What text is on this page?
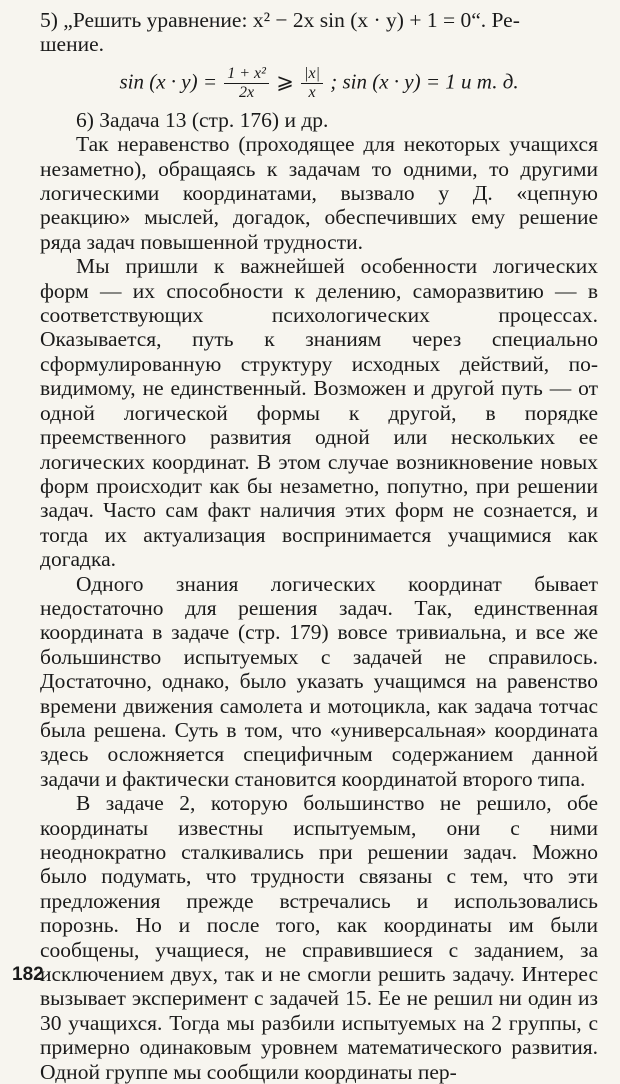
5) „Решить уравнение: x² − 2x sin (x · y) + 1 = 0“. Ре-
шение.

$\sin (x \cdot y) = \frac{\text{1 + x²}}{2x}$ ⩾ $\frac{|x|}{x}$ ; sin (x · y) = 1 и т. д.

6) Задача 13 (стр. 176) и др.

Так неравенство (проходящее для некоторых учащихся незаметно), обращаясь к задачам то одними, то другими логическими координатами, вызвало у Д. «цепную реакцию» мыслей, догадок, обеспечивших ему решение ряда задач повышенной трудности.

Мы пришли к важнейшей особенности логических форм — их способности к делению, саморазвитию — в соответствующих психологических процессах. Оказывается, путь к знаниям через специально сформулированную структуру исходных действий, по-видимому, не единственный. Возможен и другой путь — от одной логической формы к другой, в порядке преемственного развития одной или нескольких ее логических координат. В этом случае возникновение новых форм происходит как бы незаметно, попутно, при решении задач. Часто сам факт наличия этих форм не сознается, и тогда их актуализация воспринимается учащимися как догадка.

Одного знания логических координат бывает недостаточно для решения задач. Так, единственная координата в задаче (стр. 179) вовсе тривиальна, и все же большинство испытуемых с задачей не справилось. Достаточно, однако, было указать учащимся на равенство времени движения самолета и мотоцикла, как задача тотчас была решена. Суть в том, что «универсальная» координата здесь осложняется специфичным содержанием данной задачи и фактически становится координатой второго типа.

В задаче 2, которую большинство не решило, обе координаты известны испытуемым, они с ними неоднократно сталкивались при решении задач. Можно было подумать, что трудности связаны с тем, что эти предложения прежде встречались и использовались порознь. Но и после того, как координаты им были сообщены, учащиеся, не справившиеся с заданием, за исключением двух, так и не смогли решить задачу. Интерес вызывает эксперимент с задачей 15. Ее не решил ни один из 30 учащихся. Тогда мы разбили испытуемых на 2 группы, с примерно одинаковым уровнем математического развития. Одной группе мы сообщили координаты пер-

182
